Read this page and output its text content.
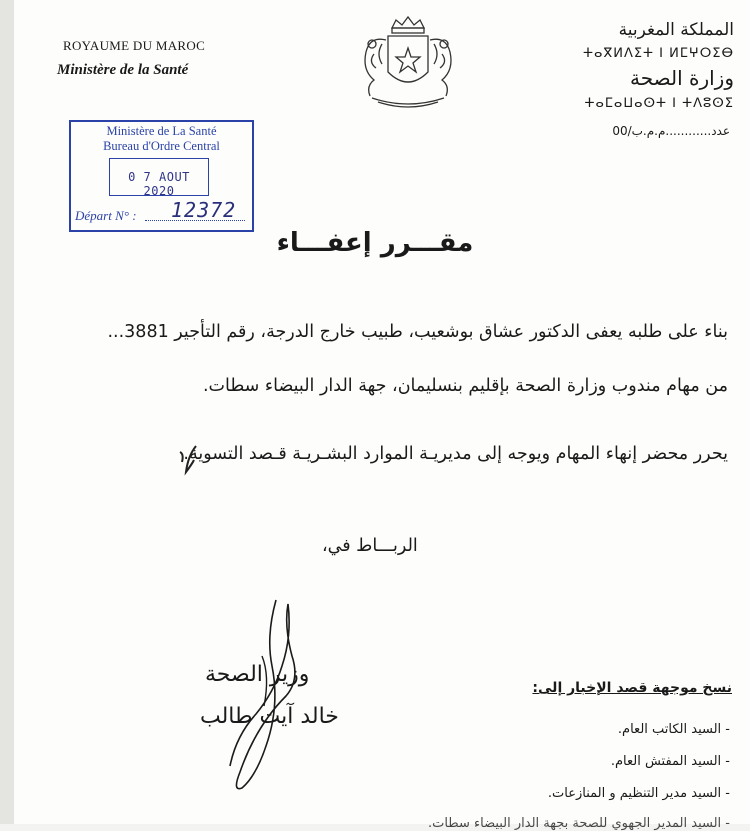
ROYAUME DU MAROC
Ministère de la Santé
المملكة المغربية
ⵜⴰⴳⵍⴷⵉⵜ ⵏ ⵍⵎⵖⵔⵉⴱ
وزارة الصحة
ⵜⴰⵎⴰⵡⴰⵙⵜ ⵏ ⵜⴷⵓⵙⵉ
عدد............م.م.ب/00
Ministère de La Santé
Bureau d'Ordre Central
0 7 AOUT 2020
Départ N° : 12372
مقـــرر إعفـــاء
بناء على طلبه يعفى الدكتور عشاق بوشعيب، طبيب خارج الدرجة، رقم التأجير 3881...
من مهام مندوب وزارة الصحة بإقليم بنسليمان، جهة الدار البيضاء سطات.
يحرر محضر إنهاء المهام ويوجه إلى مديريـة الموارد البشـريـة قـصد التسوية.
الربـــاط في،
وزير الصحة
خالد آيت طالب
نسخ موجهة قصد الإخبار إلى:
- السيد الكاتب العام.
- السيد المفتش العام.
- السيد مدير التنظيم و المنازعات.
- السيد المدير الجهوي للصحة بجهة الدار البيضاء سطات.
